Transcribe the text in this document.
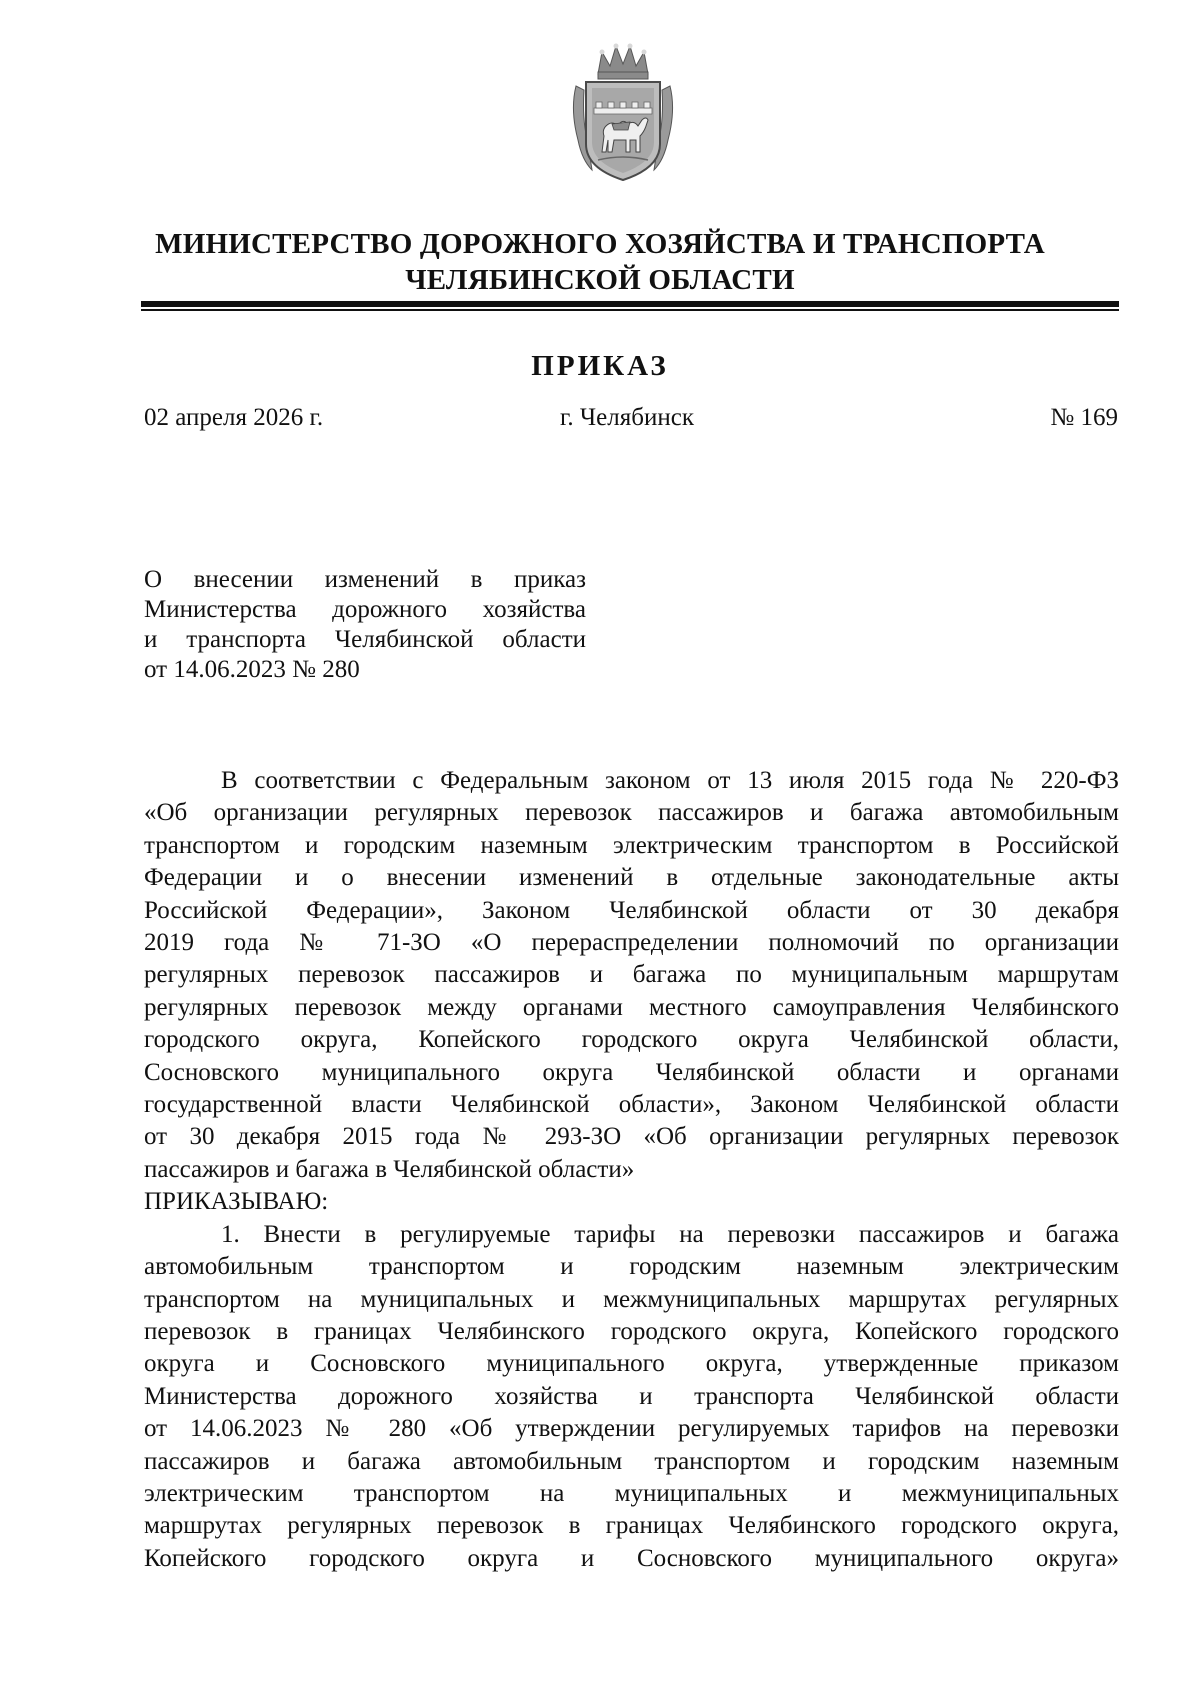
МИНИСТЕРСТВО ДОРОЖНОГО ХОЗЯЙСТВА И ТРАНСПОРТА
ЧЕЛЯБИНСКОЙ ОБЛАСТИ
ПРИКАЗ
02 апреля 2026 г.	г. Челябинск	№ 169
О внесении изменений в приказ
Министерства дорожного хозяйства
и транспорта Челябинской области
от 14.06.2023 № 280
В соответствии с Федеральным законом от 13 июля 2015 года № 220-ФЗ
«Об организации регулярных перевозок пассажиров и багажа автомобильным
транспортом и городским наземным электрическим транспортом в Российской
Федерации и о внесении изменений в отдельные законодательные акты
Российской Федерации», Законом Челябинской области от 30 декабря
2019 года № 71-ЗО «О перераспределении полномочий по организации
регулярных перевозок пассажиров и багажа по муниципальным маршрутам
регулярных перевозок между органами местного самоуправления Челябинского
городского округа, Копейского городского округа Челябинской области,
Сосновского муниципального округа Челябинской области и органами
государственной власти Челябинской области», Законом Челябинской области
от 30 декабря 2015 года № 293-ЗО «Об организации регулярных перевозок
пассажиров и багажа в Челябинской области»
ПРИКАЗЫВАЮ:
1. Внести в регулируемые тарифы на перевозки пассажиров и багажа
автомобильным транспортом и городским наземным электрическим
транспортом на муниципальных и межмуниципальных маршрутах регулярных
перевозок в границах Челябинского городского округа, Копейского городского
округа и Сосновского муниципального округа, утвержденные приказом
Министерства дорожного хозяйства и транспорта Челябинской области
от 14.06.2023 № 280 «Об утверждении регулируемых тарифов на перевозки
пассажиров и багажа автомобильным транспортом и городским наземным
электрическим транспортом на муниципальных и межмуниципальных
маршрутах регулярных перевозок в границах Челябинского городского округа,
Копейского городского округа и Сосновского муниципального округа»
